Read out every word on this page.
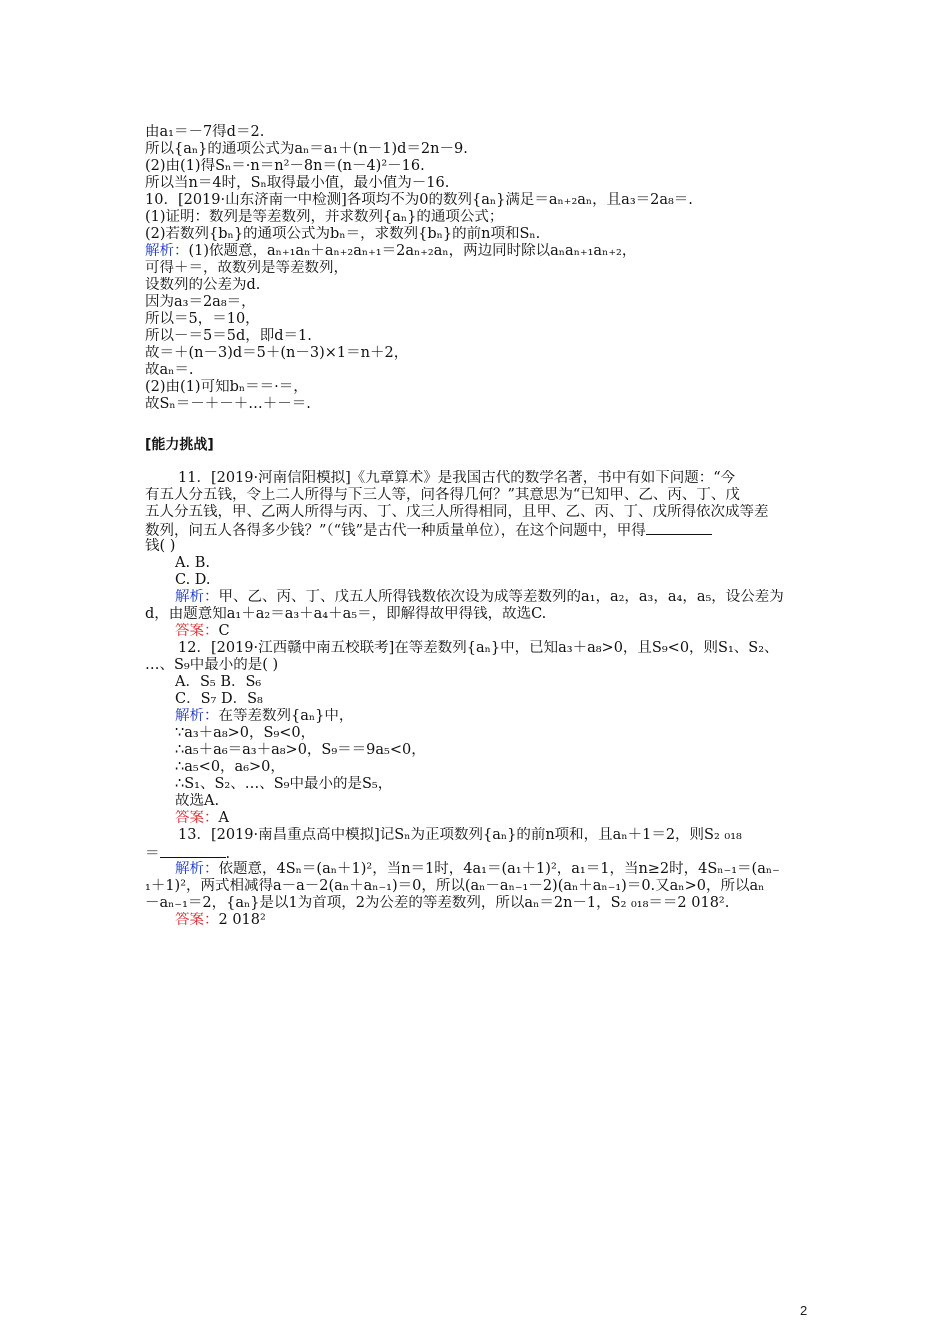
由a₁＝－7得d＝2.
所以{aₙ}的通项公式为aₙ＝a₁＋(n－1)d＝2n－9.
(2)由(1)得Sₙ＝·n＝n²－8n＝(n－4)²－16.
所以当n＝4时，Sₙ取得最小值，最小值为－16.
10．[2019·山东济南一中检测]各项均不为0的数列{aₙ}满足＝aₙ₊₂aₙ，且a₃＝2a₈＝.
(1)证明：数列是等差数列，并求数列{aₙ}的通项公式；
(2)若数列{bₙ}的通项公式为bₙ＝，求数列{bₙ}的前n项和Sₙ.
解析：(1)依题意，aₙ₊₁aₙ＋aₙ₊₂aₙ₊₁＝2aₙ₊₂aₙ，两边同时除以aₙaₙ₊₁aₙ₊₂，
可得＋＝，故数列是等差数列，
设数列的公差为d.
因为a₃＝2a₈＝，
所以＝5，＝10，
所以－＝5＝5d，即d＝1.
故＝＋(n－3)d＝5＋(n－3)×1＝n＋2，
故aₙ＝.
(2)由(1)可知bₙ＝＝·＝，
故Sₙ＝－＋－＋…＋－＝.
[能力挑战]
11．[2019·河南信阳模拟]《九章算术》是我国古代的数学名著，书中有如下问题：“今
有五人分五钱，令上二人所得与下三人等，问各得几何？”其意思为“已知甲、乙、丙、丁、戊
五人分五钱，甲、乙两人所得与丙、丁、戊三人所得相同，且甲、乙、丙、丁、戊所得依次成等差
数列，问五人各得多少钱？”（“钱”是古代一种质量单位），在这个问题中，甲得
钱( )
A. B.
C. D.
解析：甲、乙、丙、丁、戊五人所得钱数依次设为成等差数列的a₁，a₂，a₃，a₄，a₅，设公差为
d，由题意知a₁＋a₂＝a₃＋a₄＋a₅＝，即解得故甲得钱，故选C.
答案：C
12．[2019·江西赣中南五校联考]在等差数列{aₙ}中，已知a₃＋a₈>0，且S₉<0，则S₁、S₂、
…、S₉中最小的是( )
A．S₅ B．S₆
C．S₇ D．S₈
解析：在等差数列{aₙ}中，
∵a₃＋a₈>0，S₉<0，
∴a₅＋a₆＝a₃＋a₈>0，S₉＝＝9a₅<0，
∴a₅<0，a₆>0，
∴S₁、S₂、…、S₉中最小的是S₅，
故选A.
答案：A
13．[2019·南昌重点高中模拟]记Sₙ为正项数列{aₙ}的前n项和，且aₙ＋1＝2，则S₂ ₀₁₈
＝	.
解析：依题意，4Sₙ＝(aₙ＋1)²，当n＝1时，4a₁＝(a₁＋1)²，a₁＝1，当n≥2时，4Sₙ₋₁＝(aₙ₋
₁＋1)²，两式相减得a－a－2(aₙ＋aₙ₋₁)＝0，所以(aₙ－aₙ₋₁－2)(aₙ＋aₙ₋₁)＝0.又aₙ>0，所以aₙ
－aₙ₋₁＝2，{aₙ}是以1为首项，2为公差的等差数列，所以aₙ＝2n－1，S₂ ₀₁₈＝＝2 018².
答案：2 018²
2
